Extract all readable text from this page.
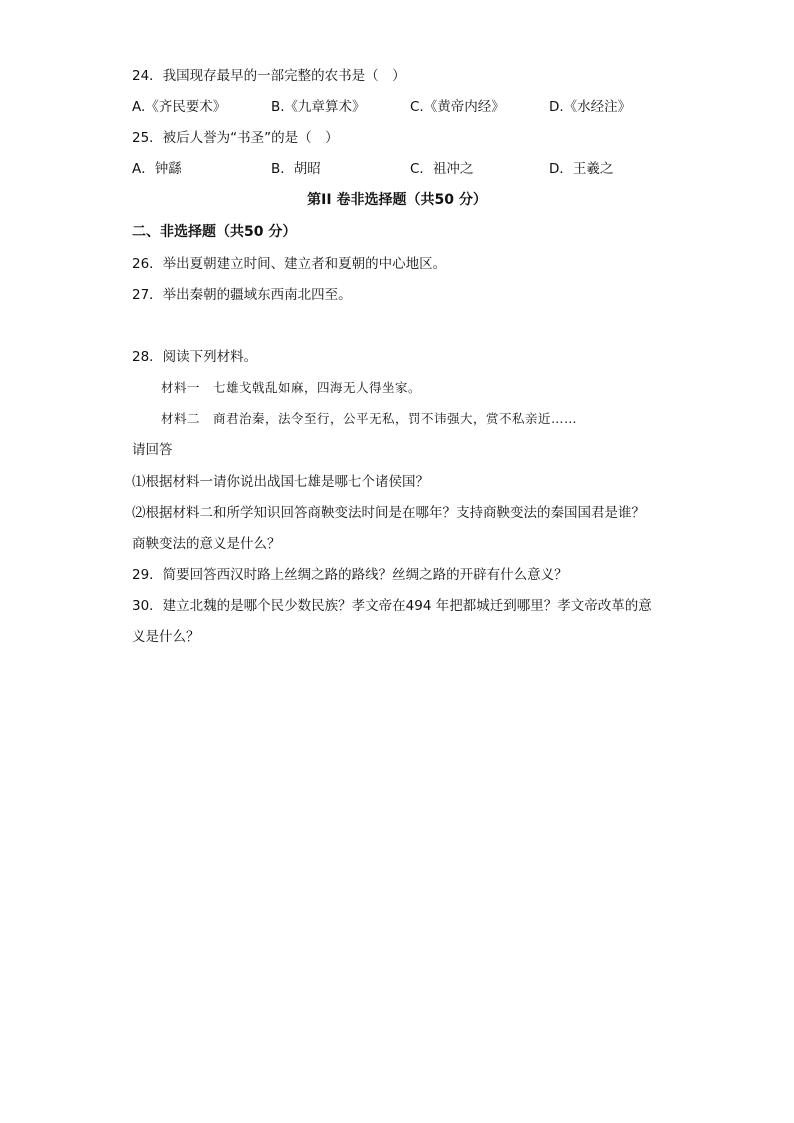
24．我国现存最早的一部完整的农书是（　）
A.《齐民要术》	B.《九章算术》	C.《黄帝内经》	D.《水经注》
25．被后人誉为“书圣”的是（　）
A．钟繇	B．胡昭	C．祖冲之	D．王羲之
第II 卷非选择题（共50 分）
二、非选择题（共50 分）
26．举出夏朝建立时间、建立者和夏朝的中心地区。
27．举出秦朝的疆域东西南北四至。
28．阅读下列材料。
材料一　七雄戈戟乱如麻，四海无人得坐家。
材料二　商君治秦，法令至行，公平无私，罚不讳强大，赏不私亲近……
请回答
⑴根据材料一请你说出战国七雄是哪七个诸侯国？
⑵根据材料二和所学知识回答商鞅变法时间是在哪年？支持商鞅变法的秦国国君是谁？
商鞅变法的意义是什么？
29．简要回答西汉时路上丝绸之路的路线？丝绸之路的开辟有什么意义？
30．建立北魏的是哪个民少数民族？孝文帝在494 年把都城迁到哪里？孝文帝改革的意
义是什么？
